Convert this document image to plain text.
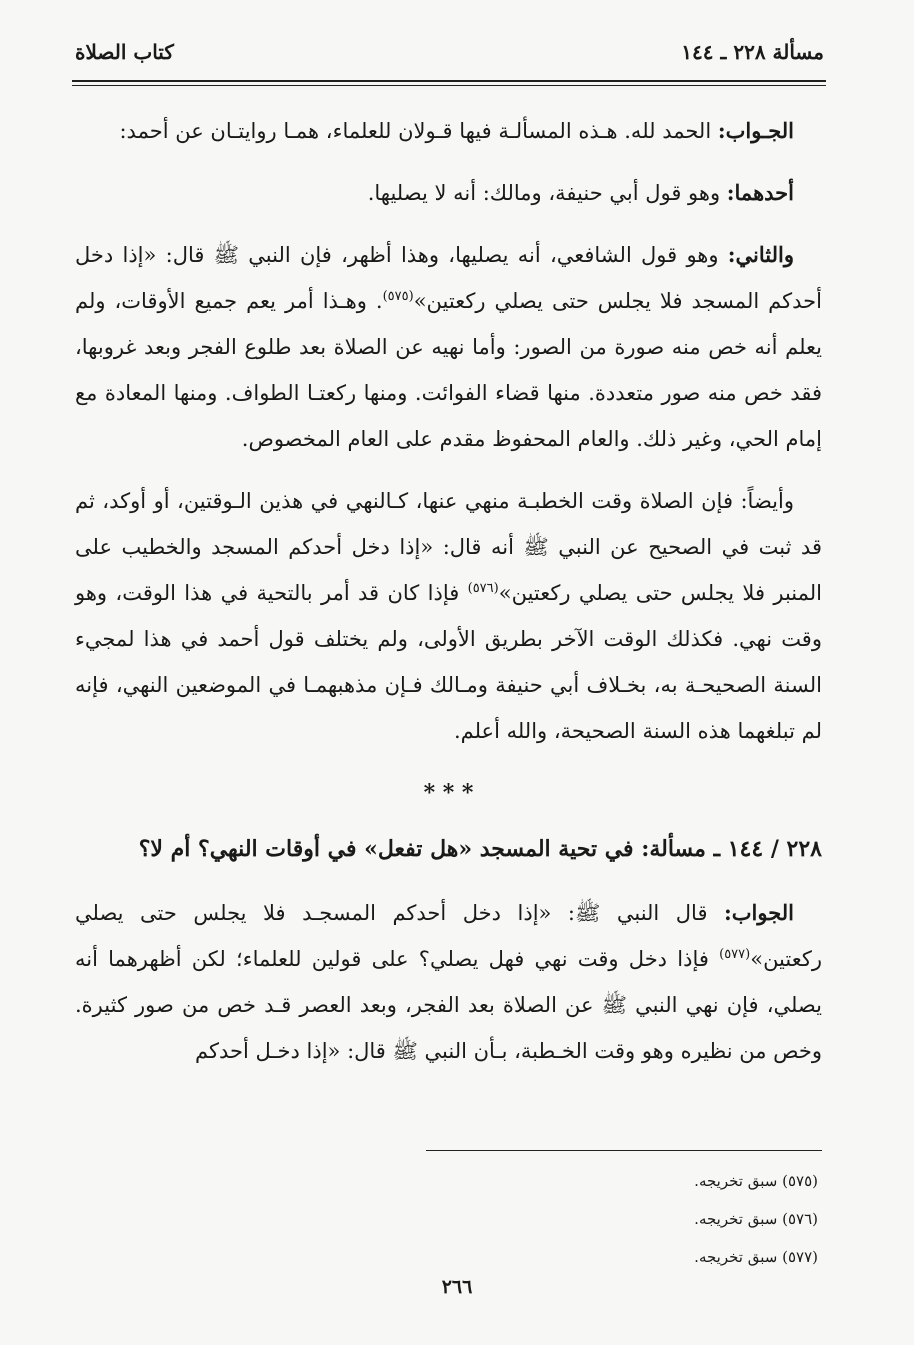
مسألة ٢٢٨ ـ ١٤٤
كتاب الصلاة

الجـواب: الحمد لله. هـذه المسألـة فيها قـولان للعلماء، همـا روايتـان عن أحمد:

أحدهما: وهو قول أبي حنيفة، ومالك: أنه لا يصليها.

والثاني: وهو قول الشافعي، أنه يصليها، وهذا أظهر، فإن النبي ﷺ قال: «إذا دخل أحدكم المسجد فلا يجلس حتى يصلي ركعتين»$^{(٥٧٥)}$. وهـذا أمر يعم جميع الأوقات، ولم يعلم أنه خص منه صورة من الصور: وأما نهيه عن الصلاة بعد طلوع الفجر وبعد غروبها، فقد خص منه صور متعددة. منها قضاء الفوائت. ومنها ركعتـا الطواف. ومنها المعادة مع إمام الحي، وغير ذلك. والعام المحفوظ مقدم على العام المخصوص.

وأيضاً: فإن الصلاة وقت الخطبـة منهي عنها، كـالنهي في هذين الـوقتين، أو أوكد، ثم قد ثبت في الصحيح عن النبي ﷺ أنه قال: «إذا دخل أحدكم المسجد والخطيب على المنبر فلا يجلس حتى يصلي ركعتين»$^{(٥٧٦)}$ فإذا كان قد أمر بالتحية في هذا الوقت، وهو وقت نهي. فكذلك الوقت الآخر بطريق الأولى، ولم يختلف قول أحمد في هذا لمجيء السنة الصحيحـة به، بخـلاف أبي حنيفة ومـالك فـإن مذهبهمـا في الموضعين النهي، فإنه لم تبلغهما هذه السنة الصحيحة، والله أعلم.

* * *
٢٢٨ / ١٤٤ ـ مسألة: في تحية المسجد «هل تفعل» في أوقات النهي؟ أم لا؟

الجواب: قال النبي ﷺ: «إذا دخل أحدكم المسجـد فلا يجلس حتى يصلي ركعتين»$^{(٥٧٧)}$ فإذا دخل وقت نهي فهل يصلي؟ على قولين للعلماء؛ لكن أظهرهما أنه يصلي، فإن نهي النبي ﷺ عن الصلاة بعد الفجر، وبعد العصر قـد خص من صور كثيرة. وخص من نظيره وهو وقت الخـطبة، بـأن النبي ﷺ قال: «إذا دخـل أحدكم

(٥٧٥) سبق تخريجه.
(٥٧٦) سبق تخريجه.
(٥٧٧) سبق تخريجه.
٢٦٦
